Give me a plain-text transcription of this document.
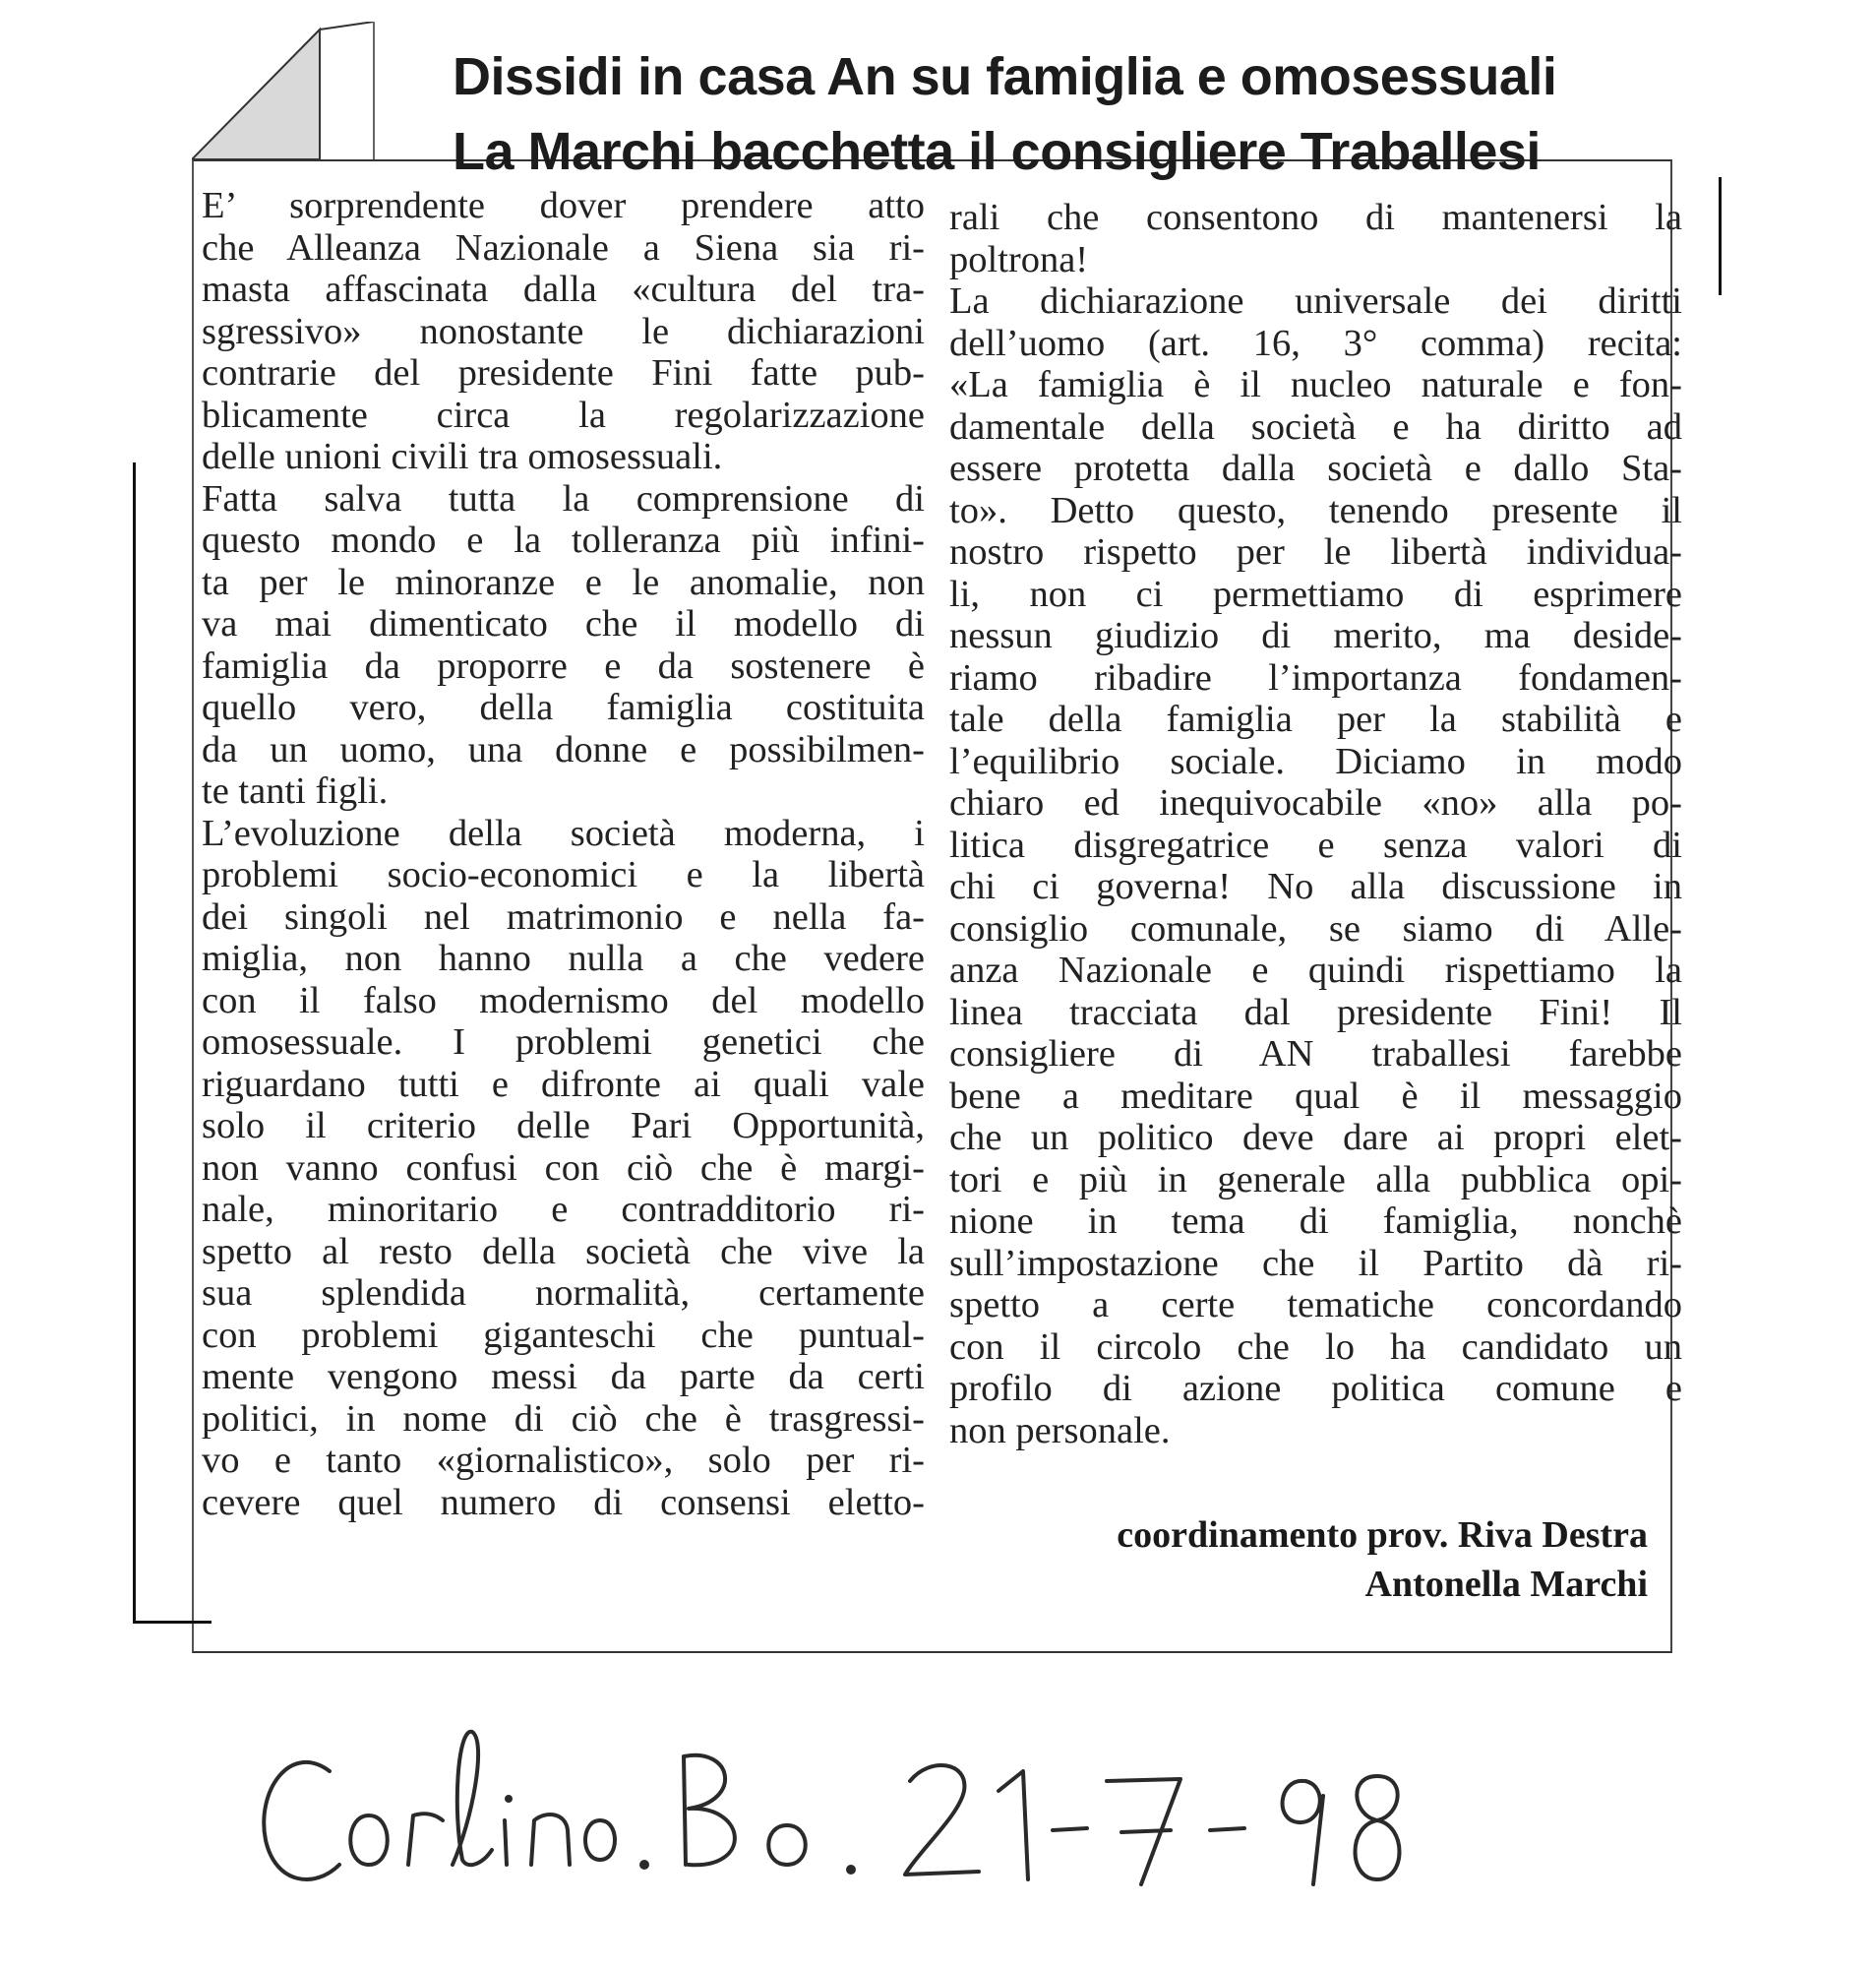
Dissidi in casa An su famiglia e omosessuali
La Marchi bacchetta il consigliere Traballesi
E’ sorprendente dover prendere atto
che Alleanza Nazionale a Siena sia ri-
masta affascinata dalla «cultura del tra-
sgressivo» nonostante le dichiarazioni
contrarie del presidente Fini fatte pub-
blicamente circa la regolarizzazione
delle unioni civili tra omosessuali.
Fatta salva tutta la comprensione di
questo mondo e la tolleranza più infini-
ta per le minoranze e le anomalie, non
va mai dimenticato che il modello di
famiglia da proporre e da sostenere è
quello vero, della famiglia costituita
da un uomo, una donne e possibilmen-
te tanti figli.
L’evoluzione della società moderna, i
problemi socio-economici e la libertà
dei singoli nel matrimonio e nella fa-
miglia, non hanno nulla a che vedere
con il falso modernismo del modello
omosessuale. I problemi genetici che
riguardano tutti e difronte ai quali vale
solo il criterio delle Pari Opportunità,
non vanno confusi con ciò che è margi-
nale, minoritario e contradditorio ri-
spetto al resto della società che vive la
sua splendida normalità, certamente
con problemi giganteschi che puntual-
mente vengono messi da parte da certi
politici, in nome di ciò che è trasgressi-
vo e tanto «giornalistico», solo per ri-
cevere quel numero di consensi eletto-
rali che consentono di mantenersi la
poltrona!
La dichiarazione universale dei diritti
dell’uomo (art. 16, 3° comma) recita:
«La famiglia è il nucleo naturale e fon-
damentale della società e ha diritto ad
essere protetta dalla società e dallo Sta-
to». Detto questo, tenendo presente il
nostro rispetto per le libertà individua-
li, non ci permettiamo di esprimere
nessun giudizio di merito, ma deside-
riamo ribadire l’importanza fondamen-
tale della famiglia per la stabilità e
l’equilibrio sociale. Diciamo in modo
chiaro ed inequivocabile «no» alla po-
litica disgregatrice e senza valori di
chi ci governa! No alla discussione in
consiglio comunale, se siamo di Alle-
anza Nazionale e quindi rispettiamo la
linea tracciata dal presidente Fini! Il
consigliere di AN traballesi farebbe
bene a meditare qual è il messaggio
che un politico deve dare ai propri elet-
tori e più in generale alla pubblica opi-
nione in tema di famiglia, nonchè
sull’impostazione che il Partito dà ri-
spetto a certe tematiche concordando
con il circolo che lo ha candidato un
profilo di azione politica comune e
non personale.
coordinamento prov. Riva Destra
Antonella Marchi
